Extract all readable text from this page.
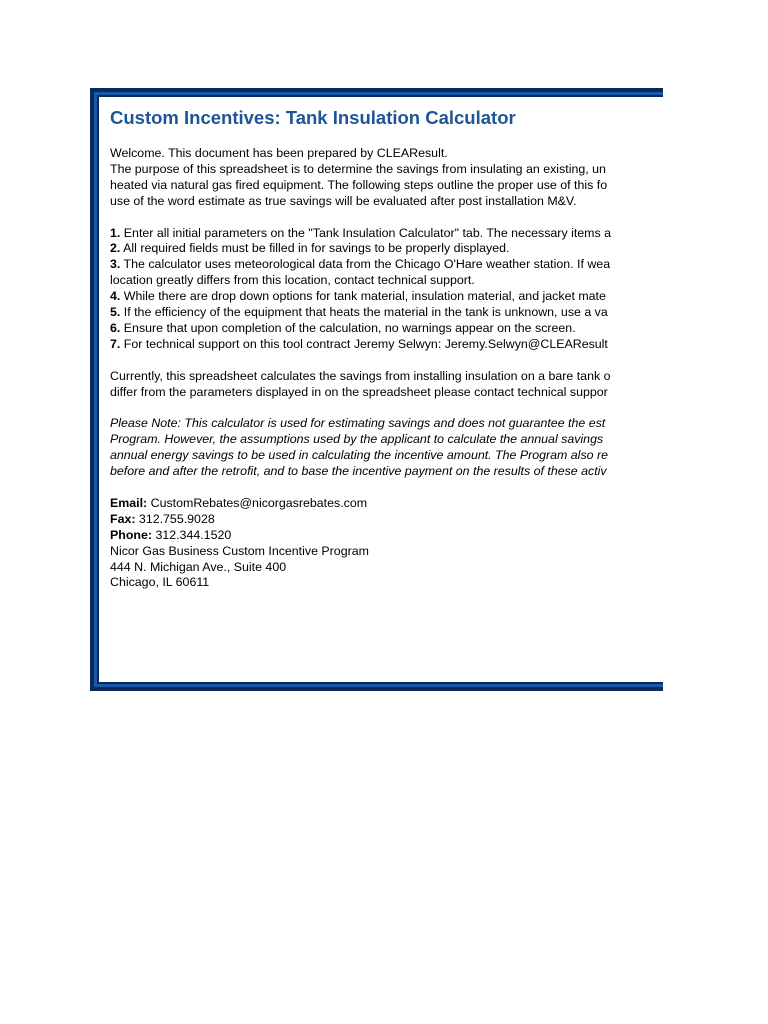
Custom Incentives: Tank Insulation Calculator
Welcome. This document has been prepared by CLEAResult.
The purpose of this spreadsheet is to determine the savings from insulating an existing, un
heated via natural gas fired equipment. The following steps outline the proper use of this fo
use of the word estimate as true savings will be evaluated after post installation M&V.
1. Enter all initial parameters on the "Tank Insulation Calculator" tab. The necessary items a
2. All required fields must be filled in for savings to be properly displayed.
3. The calculator uses meteorological data from the Chicago O'Hare weather station. If wea
location greatly differs from this location, contact technical support.
4. While there are drop down options for tank material, insulation material, and jacket mate
5. If the efficiency of the equipment that heats the material in the tank is unknown, use a va
6. Ensure that upon completion of the calculation, no warnings appear on the screen.
7. For technical support on this tool contract Jeremy Selwyn: Jeremy.Selwyn@CLEAResult
Currently, this spreadsheet calculates the savings from installing insulation on a bare tank o
differ from the parameters displayed in on the spreadsheet please contact technical suppor
Please Note: This calculator is used for estimating savings and does not guarantee the est
Program. However, the assumptions used by the applicant to calculate the annual savings
annual energy savings to be used in calculating the incentive amount. The Program also re
before and after the retrofit, and to base the incentive payment on the results of these activ
Email: CustomRebates@nicorgasrebates.com
Fax: 312.755.9028
Phone: 312.344.1520
Nicor Gas Business Custom Incentive Program
444 N. Michigan Ave., Suite 400
Chicago, IL 60611
